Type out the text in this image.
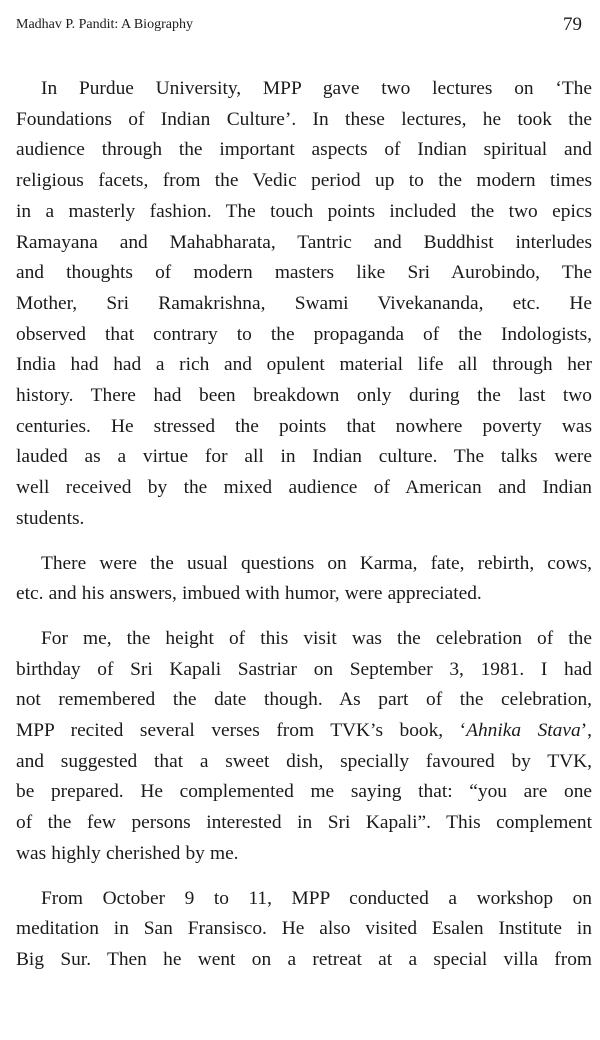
Madhav P. Pandit: A Biography	79

In Purdue University, MPP gave two lectures on ‘The
Foundations of Indian Culture’. In these lectures, he took the
audience through the important aspects of Indian spiritual and
religious facets, from the Vedic period up to the modern times
in a masterly fashion. The touch points included the two epics
Ramayana and Mahabharata, Tantric and Buddhist interludes
and thoughts of modern masters like Sri Aurobindo, The
Mother, Sri Ramakrishna, Swami Vivekananda, etc. He
observed that contrary to the propaganda of the Indologists,
India had had a rich and opulent material life all through her
history. There had been breakdown only during the last two
centuries. He stressed the points that nowhere poverty was
lauded as a virtue for all in Indian culture. The talks were
well received by the mixed audience of American and Indian
students.

There were the usual questions on Karma, fate, rebirth, cows,
etc. and his answers, imbued with humor, were appreciated.

For me, the height of this visit was the celebration of the
birthday of Sri Kapali Sastriar on September 3, 1981. I had
not remembered the date though. As part of the celebration,
MPP recited several verses from TVK’s book, ‘Ahnika Stava’,
and suggested that a sweet dish, specially favoured by TVK,
be prepared. He complemented me saying that: “you are one
of the few persons interested in Sri Kapali”. This complement
was highly cherished by me.

From October 9 to 11, MPP conducted a workshop on
meditation in San Fransisco. He also visited Esalen Institute in
Big Sur. Then he went on a retreat at a special villa from
